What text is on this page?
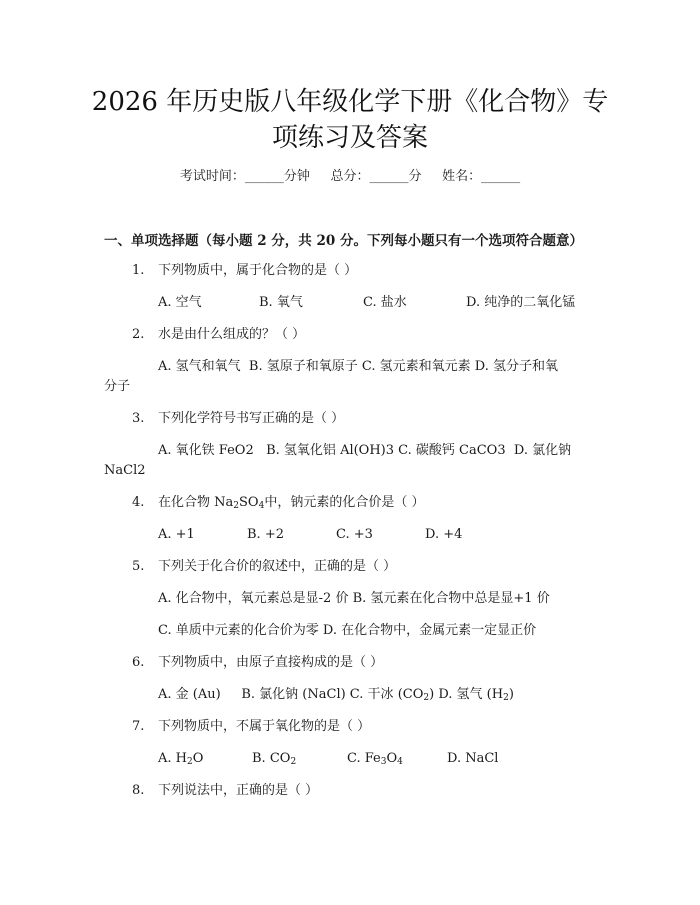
2026 年历史版八年级化学下册《化合物》专
项练习及答案
考试时间：______分钟     总分：______分     姓名：______
一、单项选择题（每小题 2 分，共 20 分。下列每小题只有一个选项符合题意）
1. 下列物质中，属于化合物的是（ ）
A. 空气	B. 氧气	C. 盐水	D. 纯净的二氧化锰
2. 水是由什么组成的？（ ）
A. 氢气和氧气  B. 氢原子和氧原子 C. 氢元素和氧元素 D. 氢分子和氧
分子
3. 下列化学符号书写正确的是（ ）
A. 氧化铁 FeO2   B. 氢氧化铝 Al(OH)3 C. 碳酸钙 CaCO3  D. 氯化钠
NaCl2
4. 在化合物 $Na_2SO_4$中，钠元素的化合价是（ ）
A. +1	B. +2	C. +3	D. +4
5. 下列关于化合价的叙述中，正确的是（ ）
A. 化合物中，氧元素总是显-2 价 B. 氢元素在化合物中总是显+1 价
C. 单质中元素的化合价为零 D. 在化合物中，金属元素一定显正价
6. 下列物质中，由原子直接构成的是（ ）
A. 金 (Au)     B. 氯化钠 (NaCl) C. 干冰 $(CO_2)$ D. 氢气 $(H_2)$
7. 下列物质中，不属于氧化物的是（ ）
A. $H_2O$	B. $CO_2$	C. $Fe_3O_4$	D. NaCl
8. 下列说法中，正确的是（ ）
